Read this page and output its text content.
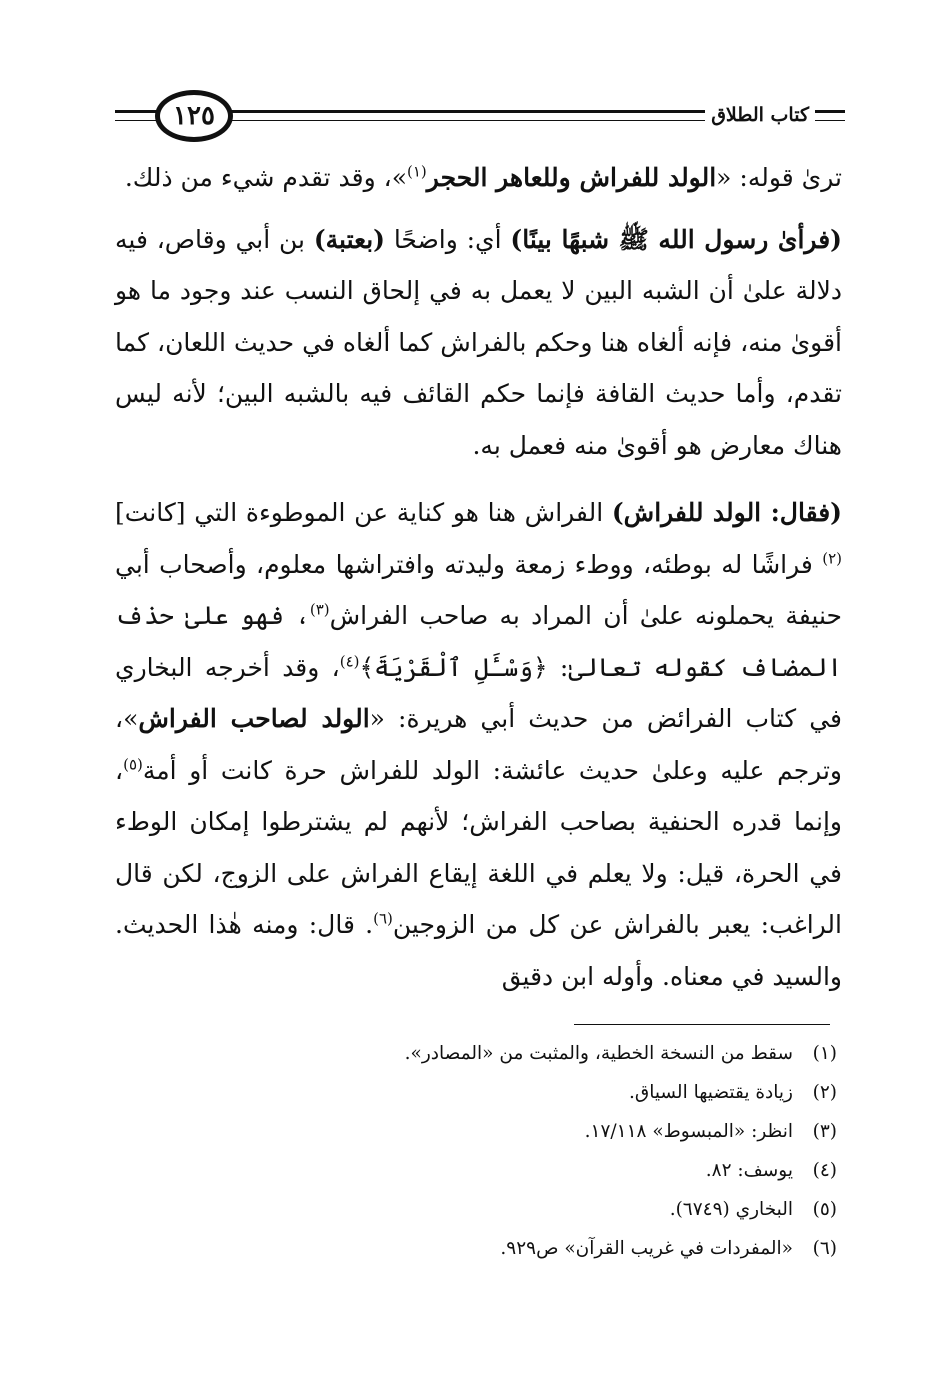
١٢٥	كتاب الطلاق

ترىٰ قوله: «الولد للفراش وللعاهر الحجر$^{(١)}$»، وقد تقدم شيء من ذلك.

(فرأىٰ رسول الله ﷺ شبهًا بينًا) أي: واضحًا (بعتبة) بن أبي وقاص، فيه دلالة علىٰ أن الشبه البين لا يعمل به في إلحاق النسب عند وجود ما هو أقوىٰ منه، فإنه ألغاه هنا وحكم بالفراش كما ألغاه في حديث اللعان، كما تقدم، وأما حديث القافة فإنما حكم القائف فيه بالشبه البين؛ لأنه ليس هناك معارض هو أقوىٰ منه فعمل به.

(فقال: الولد للفراش) الفراش هنا هو كناية عن الموطوءة التي [كانت]$^{(٢)}$ فراشًا له بوطئه، ووطء زمعة وليدته وافتراشها معلوم، وأصحاب أبي حنيفة يحملونه علىٰ أن المراد به صاحب الفراش$^{(٣)}$، فهو علىٰ حذف المضاف كقوله تعالىٰ: ﴿وَسْـَٔلِ ٱلْقَرْيَةَ﴾$^{(٤)}$، وقد أخرجه البخاري في كتاب الفرائض من حديث أبي هريرة: «الولد لصاحب الفراش»، وترجم عليه وعلىٰ حديث عائشة: الولد للفراش حرة كانت أو أمة$^{(٥)}$، وإنما قدره الحنفية بصاحب الفراش؛ لأنهم لم يشترطوا إمكان الوطء في الحرة، قيل: ولا يعلم في اللغة إيقاع الفراش على الزوج، لكن قال الراغب: يعبر بالفراش عن كل من الزوجين$^{(٦)}$. قال: ومنه هٰذا الحديث. والسيد في معناه. وأوله ابن دقيق

(١)
سقط من النسخة الخطية، والمثبت من «المصادر».
(٢)
زيادة يقتضيها السياق.
(٣)
انظر: «المبسوط» ١٧/١١٨.
(٤)
يوسف: ٨٢.
(٥)
البخاري (٦٧٤٩).
(٦)
«المفردات في غريب القرآن» ص٩٢٩.
